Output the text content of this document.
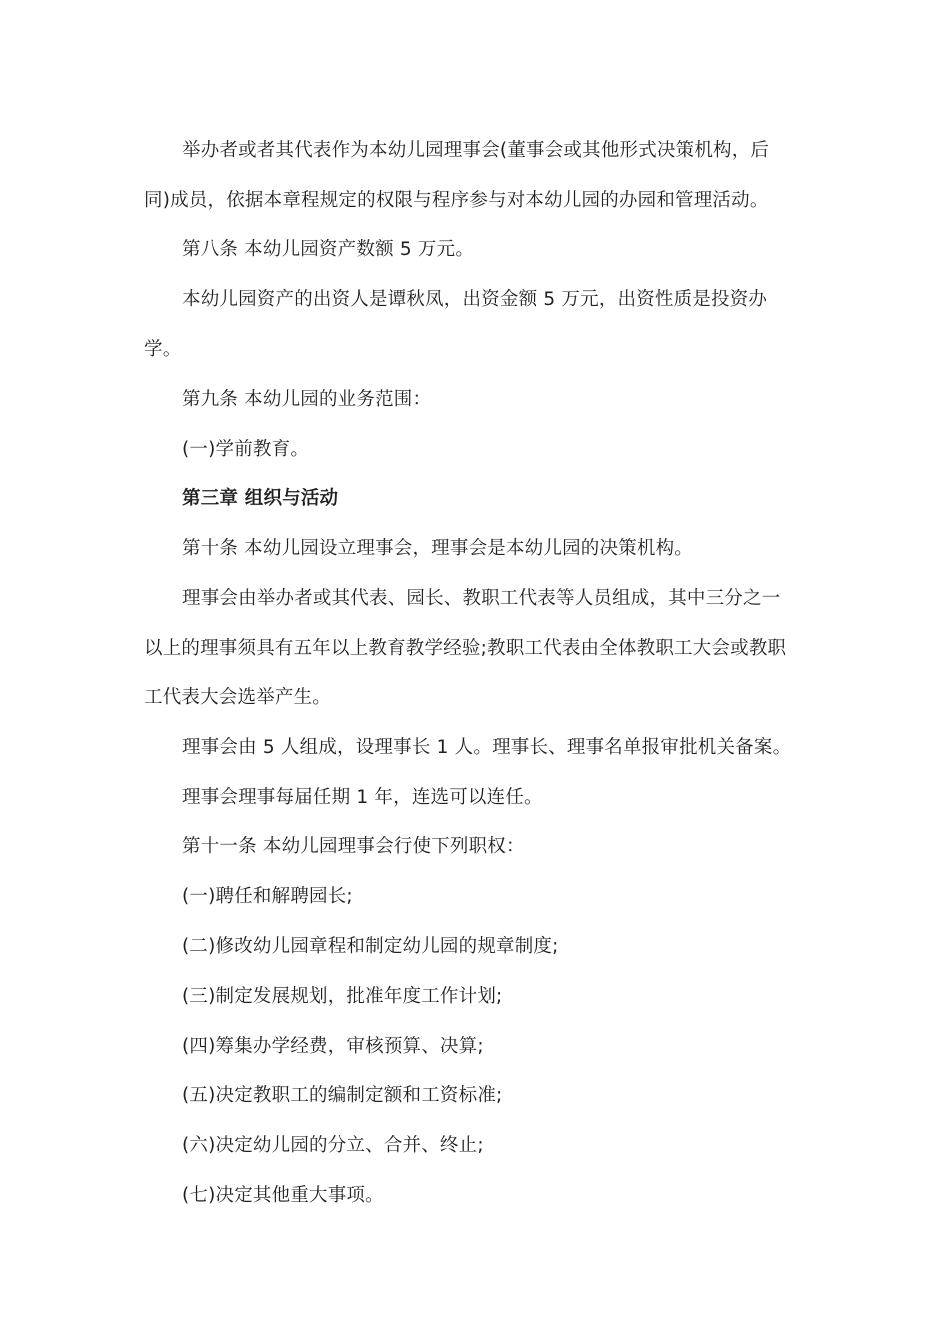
举办者或者其代表作为本幼儿园理事会(董事会或其他形式决策机构，后
同)成员，依据本章程规定的权限与程序参与对本幼儿园的办园和管理活动。
第八条 本幼儿园资产数额 5 万元。
本幼儿园资产的出资人是谭秋凤，出资金额 5 万元，出资性质是投资办
学。
第九条 本幼儿园的业务范围：
(一)学前教育。
第三章 组织与活动
第十条 本幼儿园设立理事会，理事会是本幼儿园的决策机构。
理事会由举办者或其代表、园长、教职工代表等人员组成，其中三分之一
以上的理事须具有五年以上教育教学经验;教职工代表由全体教职工大会或教职
工代表大会选举产生。
理事会由 5 人组成，设理事长 1 人。理事长、理事名单报审批机关备案。
理事会理事每届任期 1 年，连选可以连任。
第十一条 本幼儿园理事会行使下列职权：
(一)聘任和解聘园长;
(二)修改幼儿园章程和制定幼儿园的规章制度;
(三)制定发展规划，批准年度工作计划;
(四)筹集办学经费，审核预算、决算;
(五)决定教职工的编制定额和工资标准;
(六)决定幼儿园的分立、合并、终止;
(七)决定其他重大事项。
